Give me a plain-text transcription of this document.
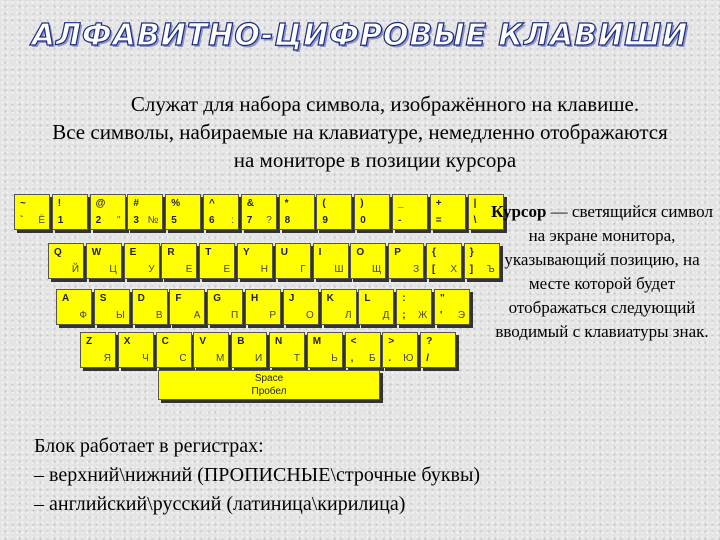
АЛФАВИТНО-ЦИФРОВЫЕ КЛАВИШИ
Служат для набора символа, изображённого на клавише.
Все символы, набираемые на клавиатуре, немедленно отображаются
на мониторе в позиции курсора
~
` Ё
!
1
@
2 "
#
3 №
%
5
^
6 :
&
7 ?
*
8
(
9
)
0
_
-
+
=
|
\
Q
Й
W
Ц
E
У
R
Е
T
Е
Y
Н
U
Г
I
Ш
O
Щ
P
З
{
[ Х
}
] Ъ
A
Ф
S
Ы
D
В
F
А
G
П
H
Р
J
О
K
Л
L
Д
:
; Ж
"
' Э
Z
Я
X
Ч
C
С
V
М
B
И
N
Т
M
Ь
<
, Б
>
. Ю
?
/
Space
Пробел
Курсор — светящийся символ на экране монитора, указывающий позицию, на месте которой будет отображаться следующий вводимый с клавиатуры знак.
Блок работает в регистрах:
– верхний\нижний (ПРОПИСНЫЕ\строчные буквы)
– английский\русский (латиница\кирилица)
